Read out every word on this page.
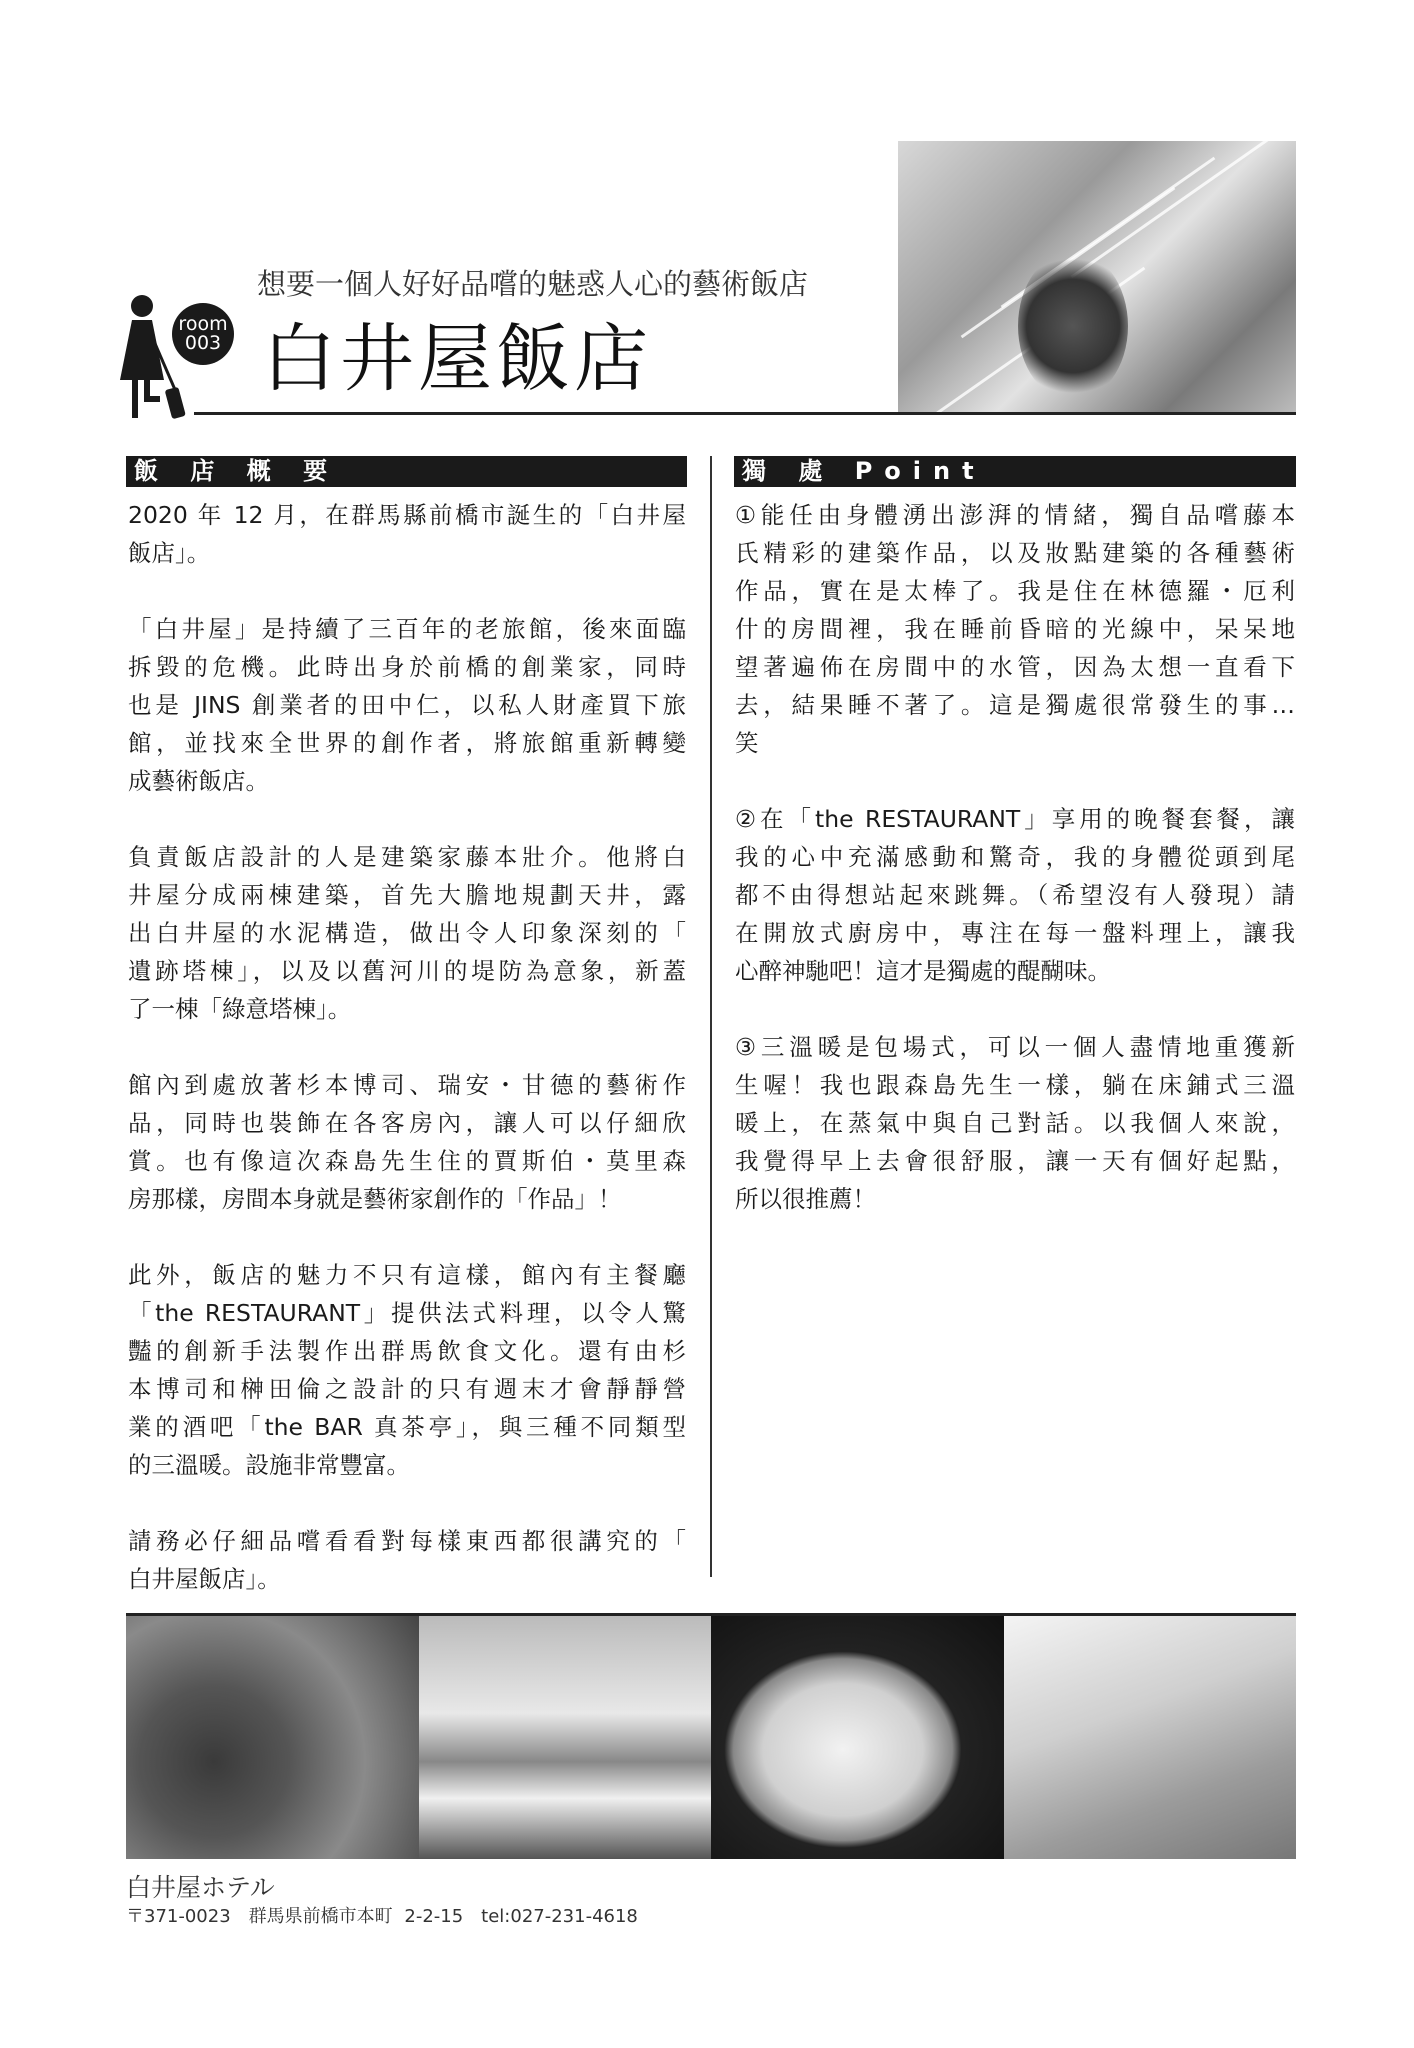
room
003
想要一個人好好品嚐的魅惑人心的藝術飯店
白井屋飯店
飯 店 概 要	獨 處 Point
2020 年 12 月，在群馬縣前橋市誕生的「白井屋
飯店」。
「白井屋」是持續了三百年的老旅館，後來面臨
拆毀的危機。此時出身於前橋的創業家，同時
也是 JINS 創業者的田中仁，以私人財產買下旅
館，並找來全世界的創作者，將旅館重新轉變
成藝術飯店。
負責飯店設計的人是建築家藤本壯介。他將白
井屋分成兩棟建築，首先大膽地規劃天井，露
出白井屋的水泥構造，做出令人印象深刻的「
遺跡塔棟」，以及以舊河川的堤防為意象，新蓋
了一棟「綠意塔棟」。
館內到處放著杉本博司、瑞安・甘德的藝術作
品，同時也裝飾在各客房內，讓人可以仔細欣
賞。也有像這次森島先生住的賈斯伯・莫里森
房那樣，房間本身就是藝術家創作的「作品」！
此外，飯店的魅力不只有這樣，館內有主餐廳
「the RESTAURANT」提供法式料理，以令人驚
豔的創新手法製作出群馬飲食文化。還有由杉
本博司和榊田倫之設計的只有週末才會靜靜營
業的酒吧「the BAR 真茶亭」，與三種不同類型
的三溫暖。設施非常豐富。
請務必仔細品嚐看看對每樣東西都很講究的「
白井屋飯店」。
①能任由身體湧出澎湃的情緒，獨自品嚐藤本
氏精彩的建築作品，以及妝點建築的各種藝術
作品，實在是太棒了。我是住在林德羅・厄利
什的房間裡，我在睡前昏暗的光線中，呆呆地
望著遍佈在房間中的水管，因為太想一直看下
去，結果睡不著了。這是獨處很常發生的事…
笑
②在「the RESTAURANT」享用的晚餐套餐，讓
我的心中充滿感動和驚奇，我的身體從頭到尾
都不由得想站起來跳舞。（希望沒有人發現）請
在開放式廚房中，專注在每一盤料理上，讓我
心醉神馳吧！這才是獨處的醍醐味。
③三溫暖是包場式，可以一個人盡情地重獲新
生喔！我也跟森島先生一樣，躺在床鋪式三溫
暖上，在蒸氣中與自己對話。以我個人來說，
我覺得早上去會很舒服，讓一天有個好起點，
所以很推薦！
白井屋ホテル
〒371-0023　群馬県前橋市本町 2-2-15　tel:027-231-4618
